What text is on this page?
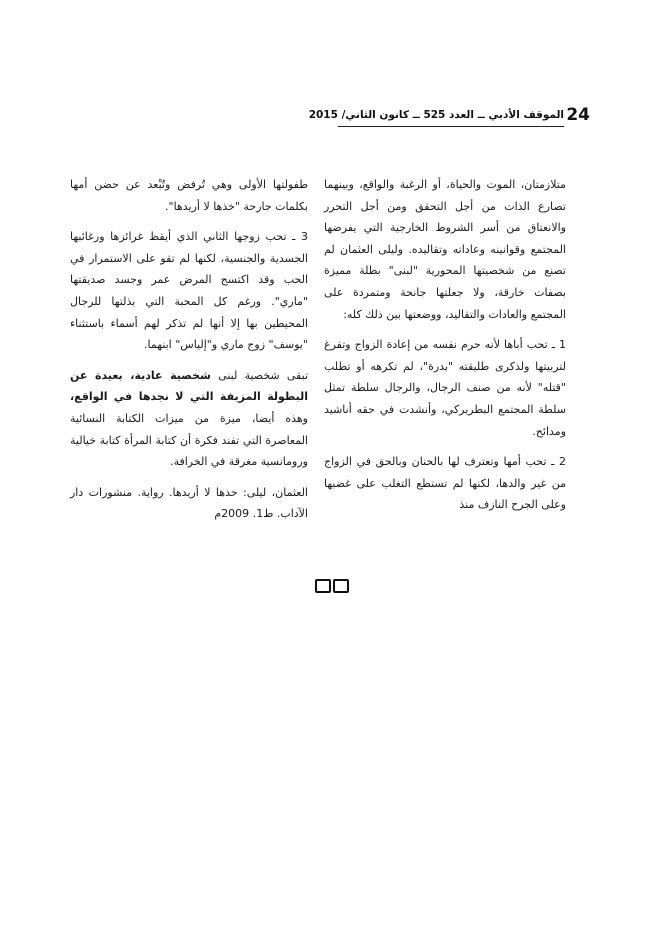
24
الموقف الأدبي ــ العدد 525 ــ كانون الثاني/ 2015

متلازمتان، الموت والحياة، أو الرغبة والواقع، وبينهما تصارع الذات من أجل التحقق ومن أجل التحرر والانعتاق من أسر الشروط الخارجية التي يفرضها المجتمع وقوانينه وعاداته وتقاليده. وليلى العثمان لم تصنع من شخصيتها المحورية "لبنى" بطلة مميزة بصفات خارقة، ولا جعلتها جانحة ومتمردة على المجتمع والعادات والتقاليد، ووضعتها بين ذلك كله:

1 ـ تحب أباها لأنه حرم نفسه من إعادة الزواج وتفرغ لتربيتها ولذكرى طليقته "بدرة"، لم تكرهه أو تطلب "قتله" لأنه من صنف الرجال، والرجال سلطة تمثل سلطة المجتمع البطريركي، وأنشدت في حقه أناشيد ومدائح.

2 ـ تحب أمها وتعترف لها بالحنان وبالحق في الزواج من غير والدها، لكنها لم تستطع التغلب على غضبها وعلى الجرح النازف منذ

طفولتها الأولى وهي تُرفض وتُبْعد عن حضن أمها بكلمات جارحة "خذها لا أريدها".

3 ـ تحب زوجها الثاني الذي أيقظ غرائزها ورغائبها الجسدية والجنسية، لكنها لم تقو على الاستمرار في الحب وقد اكتسح المرض عمر وجسد صديقتها "ماري". ورغم كل المحبة التي بذلتها للرجال المحيطين بها إلا أنها لم تذكر لهم أسماء باستثناء "يوسف" زوج ماري و"إلياس" ابنهما.

تبقى شخصية لبنى شخصية عادية، بعيدة عن البطولة المزيفة التي لا نجدها في الواقع، وهذه أيضا، ميزة من ميزات الكتابة النسائية المعاصرة التي تفند فكرة أن كتابة المرأة كتابة خيالية ورومانسية مغرقة في الخرافة.

العثمان، ليلى: خذها لا أريدها. رواية. منشورات دار الآداب. ط1. 2009م
